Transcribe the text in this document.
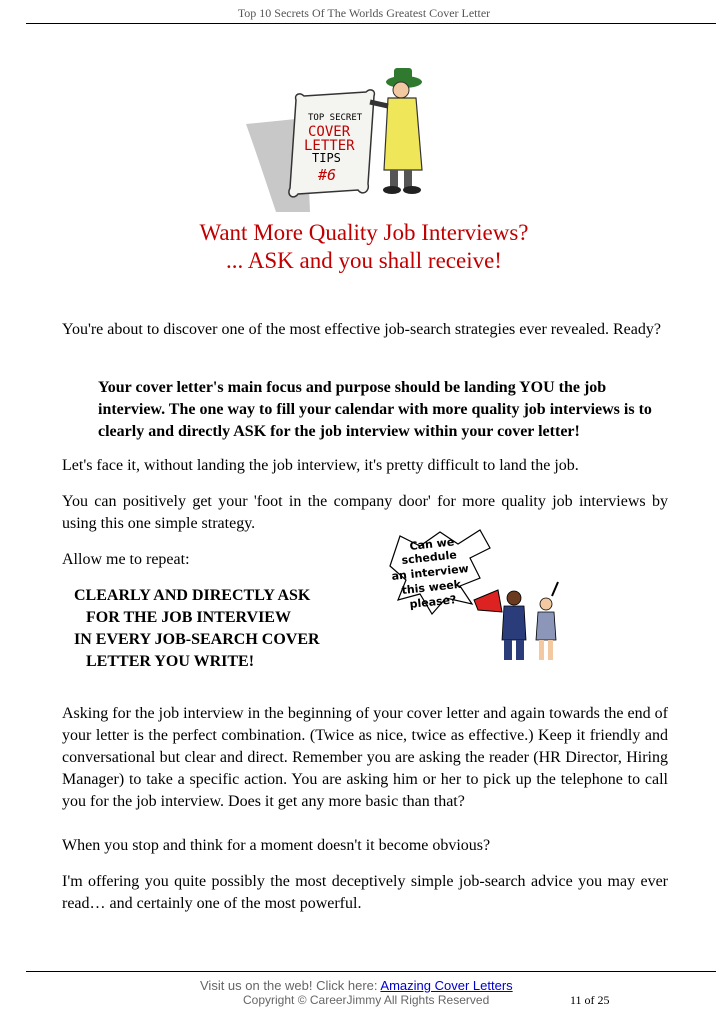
Top 10 Secrets Of The Worlds Greatest Cover Letter
TOP SECRET
COVER
LETTER
TIPS
#6
Want More Quality Job Interviews?
... ASK and you shall receive!
You're about to discover one of the most effective job-search strategies ever revealed. Ready?
Your cover letter's main focus and purpose should be landing YOU the job interview. The one way to fill your calendar with more quality job interviews is to clearly and directly ASK for the job interview within your cover letter!
Let's face it, without landing the job interview, it's pretty difficult to land the job.
You can positively get your 'foot in the company door' for more quality job interviews by using this one simple strategy.
Allow me to repeat:
CLEARLY AND DIRECTLY ASK
FOR THE JOB INTERVIEW
IN EVERY JOB-SEARCH COVER
LETTER YOU WRITE!
Can we
schedule
an interview
this week
please?
Asking for the job interview in the beginning of your cover letter and again towards the end of your letter is the perfect combination. (Twice as nice, twice as effective.) Keep it friendly and conversational but clear and direct. Remember you are asking the reader (HR Director, Hiring Manager) to take a specific action. You are asking him or her to pick up the telephone to call you for the job interview. Does it get any more basic than that?
When you stop and think for a moment doesn't it become obvious?
I'm offering you quite possibly the most deceptively simple job-search advice you may ever read… and certainly one of the most powerful.
Visit us on the web! Click here: Amazing Cover Letters
Copyright © CareerJimmy All Rights Reserved	11 of 25
